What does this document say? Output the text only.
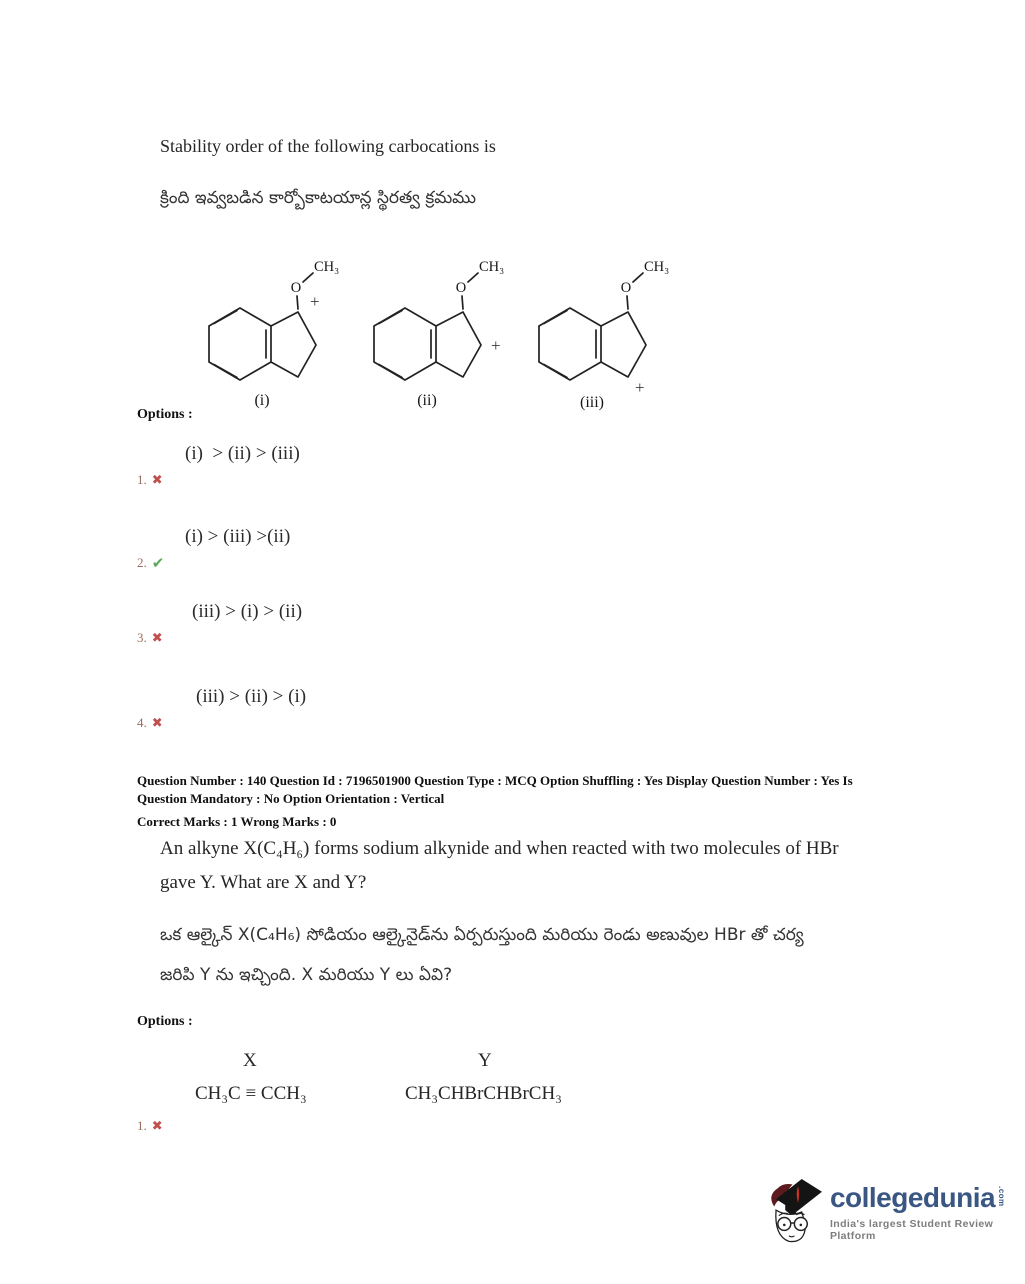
Stability order of the following carbocations is
క్రింది ఇవ్వబడిన కార్బోకాటయాన్ల స్థిరత్వ క్రమము
O
CH₃
+
(i)
O
CH₃
+
(ii)
O
CH₃
+
(iii)
Options :
(i)  > (ii) > (iii)
1. ✖
(i) > (iii) >(ii)
2. ✔
(iii) > (i) > (ii)
3. ✖
(iii) > (ii) > (i)
4. ✖
Question Number : 140 Question Id : 7196501900 Question Type : MCQ Option Shuffling : Yes Display Question Number : Yes Is Question Mandatory : No Option Orientation : Vertical
Correct Marks : 1 Wrong Marks : 0
An alkyne X(C₄H₆) forms sodium alkynide and when reacted with two molecules of HBr
gave Y. What are X and Y?
ఒక ఆల్కైన్ X(C₄H₆) సోడియం ఆల్కైనైడ్‌ను ఏర్పరుస్తుంది మరియు రెండు అణువుల HBr తో చర్య
జరిపి Y ను ఇచ్చింది. X మరియు Y లు ఏవి?
Options :
X	Y
CH₃C ≡ CCH₃	CH₃CHBrCHBrCH₃
1. ✖
collegedunia .com
India's largest Student Review Platform
